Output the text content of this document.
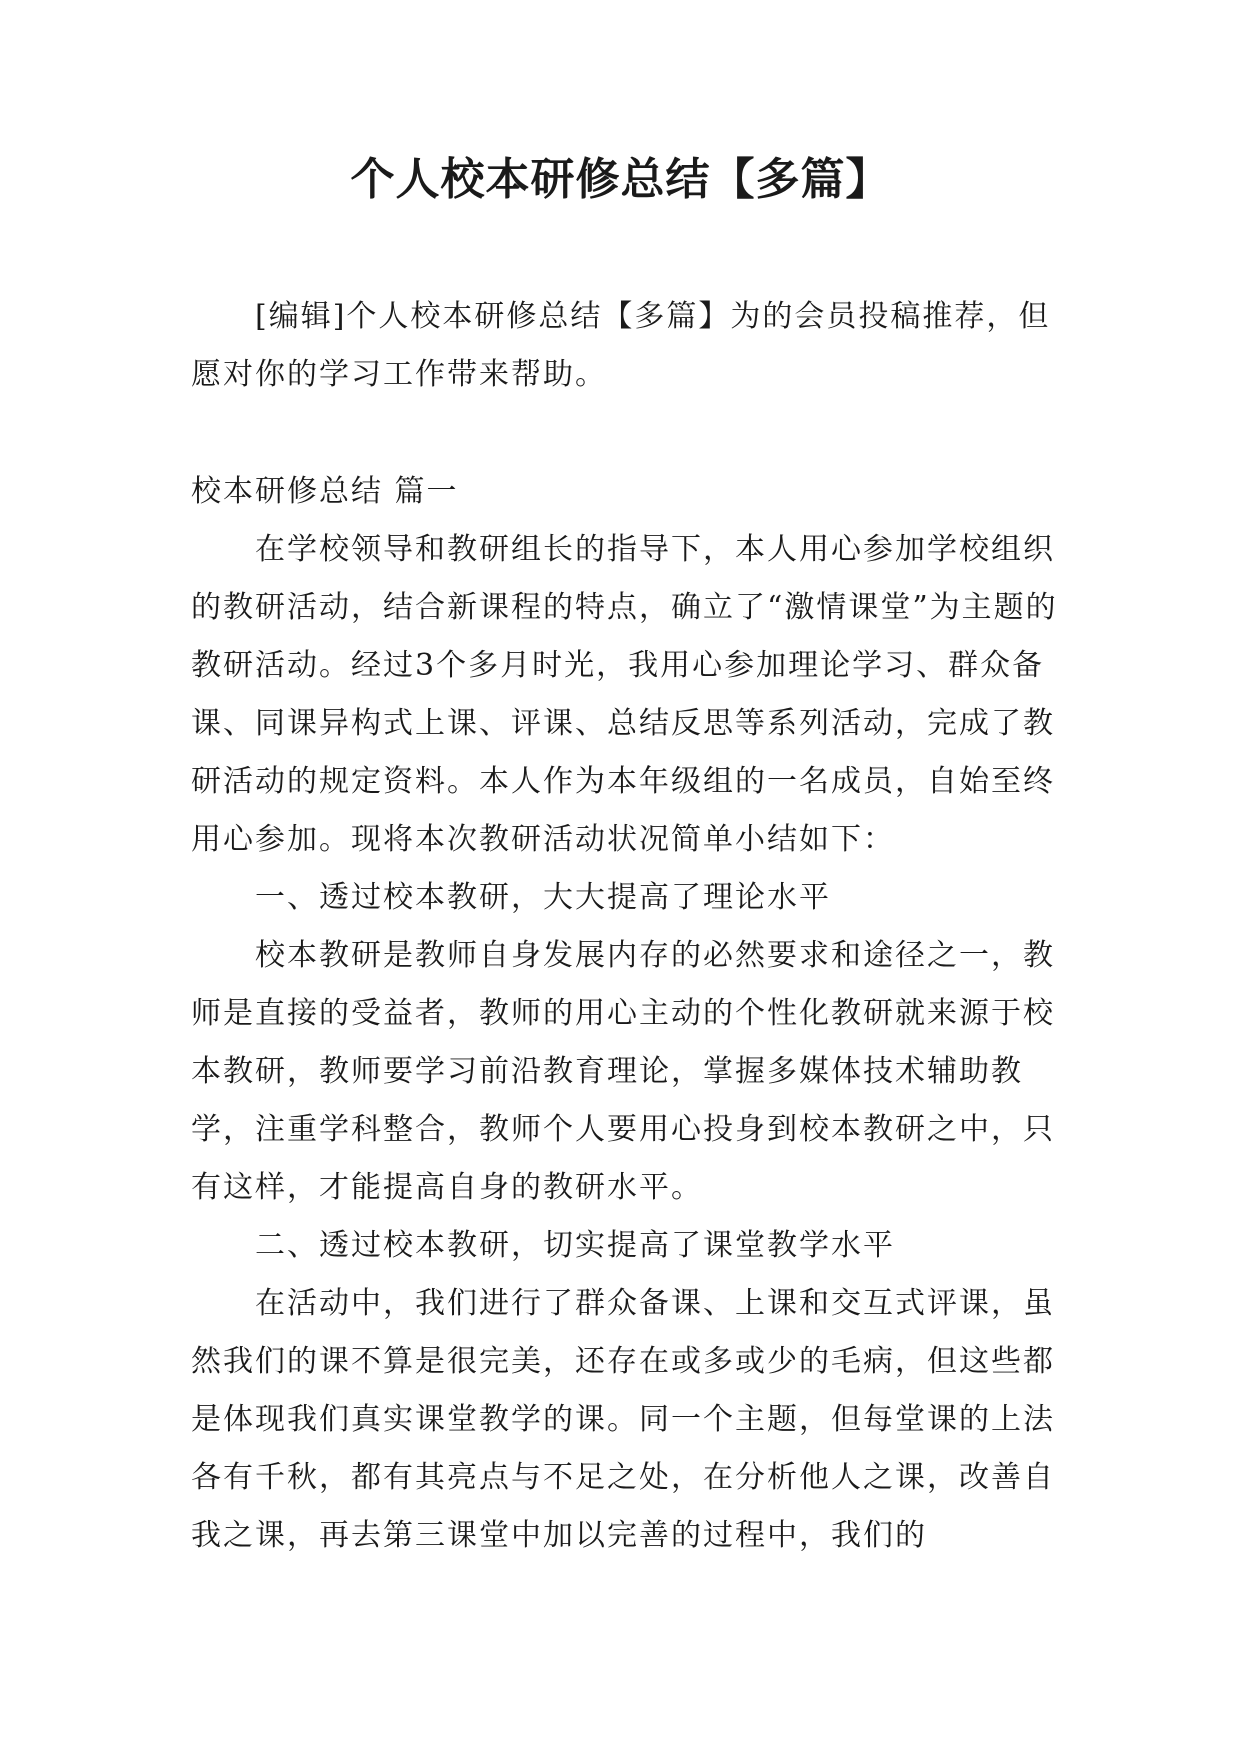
个人校本研修总结【多篇】

[编辑]个人校本研修总结【多篇】为的会员投稿推荐，但愿对你的学习工作带来帮助。

校本研修总结 篇一

在学校领导和教研组长的指导下，本人用心参加学校组织的教研活动，结合新课程的特点，确立了“激情课堂”为主题的教研活动。经过3个多月时光，我用心参加理论学习、群众备课、同课异构式上课、评课、总结反思等系列活动，完成了教研活动的规定资料。本人作为本年级组的一名成员，自始至终用心参加。现将本次教研活动状况简单小结如下：

一、透过校本教研，大大提高了理论水平

校本教研是教师自身发展内存的必然要求和途径之一，教师是直接的受益者，教师的用心主动的个性化教研就来源于校本教研，教师要学习前沿教育理论，掌握多媒体技术辅助教学，注重学科整合，教师个人要用心投身到校本教研之中，只有这样，才能提高自身的教研水平。

二、透过校本教研，切实提高了课堂教学水平

在活动中，我们进行了群众备课、上课和交互式评课，虽然我们的课不算是很完美，还存在或多或少的毛病，但这些都是体现我们真实课堂教学的课。同一个主题，但每堂课的上法各有千秋，都有其亮点与不足之处，在分析他人之课，改善自我之课，再去第三课堂中加以完善的过程中，我们的
